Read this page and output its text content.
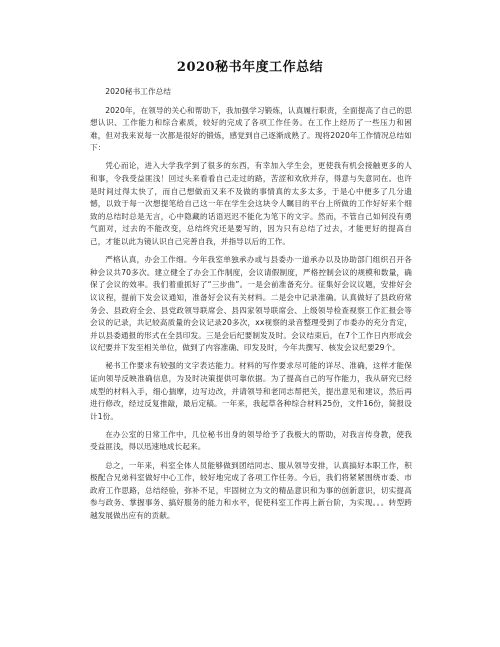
2020秘书年度工作总结

2020秘书工作总结

2020年，在领导的关心和帮助下，我加强学习锻炼，认真履行职责，全面提高了自己的思想认识、工作能力和综合素质，较好的完成了各项工作任务。在工作上经历了一些压力和困难，但对我来说每一次都是很好的锻炼，感觉到自己逐渐成熟了。现将2020年工作情况总结如下：

凭心而论，进入大学我学到了很多的东西，有幸加入学生会，更使我有机会接触更多的人和事，令我受益匪浅！回过头来看看自己走过的路，苦涩和欢欣并存，得意与失意同在。也许是时间过得太快了，而自己想做而又来不及做的事情真的太多太多，于是心中便多了几分遗憾，以致于每一次想提笔给自己这一年在学生会这块令人瞩目的平台上所做的工作好好来个细致的总结时总是无言，心中隐藏的话语迟迟不能化为笔下的文字。然而，不管自己如何没有勇气面对，过去的不能改变，总结终究还是要写的，因为只有总结了过去，才能更好的提高自己，才能以此为镜认识自己完善自我，并指导以后的工作。

严格认真，办会工作细。今年我室单独承办或与县委办一道承办以及协助部门组织召开各种会议共70多次。建立健全了办会工作制度，会议请假制度，严格控制会议的规模和数量，确保了会议的效率。我们着重抓好了“三步曲”。一是会前准备充分。征集好会议议题，安排好会议议程，提前下发会议通知，准备好会议有关材料。二是会中记录准确。认真做好了县政府常务会、县政府全会、县党政领导联席会、县四家领导联席会、上级领导检查视察工作汇报会等会议的记录，共记较高质量的会议记录20多次，xx视察的录音整理受到了市委办的充分肯定，并以县委通报的形式在全县印发。三是会后纪要制发及时。会议结束后，在7个工作日内形成会议纪要并下发至相关单位，做到了内容准确、印发及时，今年共撰写、核发会议纪要29个。

秘书工作要求有较强的文字表达能力。材料的写作要求尽可能的详尽、准确，这样才能保证向领导反映准确信息，为及时决策提供可靠依据。为了提高自己的写作能力，我从研究已经成型的材料入手，细心揣摩，边写边改，并请领导和老同志帮把关，提出意见和建议，然后再进行修改，经过反复推敲，最后定稿。一年来，我起草各种综合材料25份，文件16份，简报设计1份。

在办公室的日常工作中，几位秘书出身的领导给予了我极大的帮助，对我言传身教，使我受益匪浅，得以迅速地成长起来。

总之，一年来，科室全体人员能够做到团结同志、服从领导安排，认真搞好本职工作，积极配合兄弟科室做好中心工作，较好地完成了各项工作任务。今后，我们将紧紧围绕市委、市政府工作思路，总结经验，弥补不足，牢固树立为文的精品意识和为事的创新意识，切实提高参与政务、掌握事务、搞好服务的能力和水平，促使科室工作再上新台阶，为实现。。。转型跨越发展做出应有的贡献。
